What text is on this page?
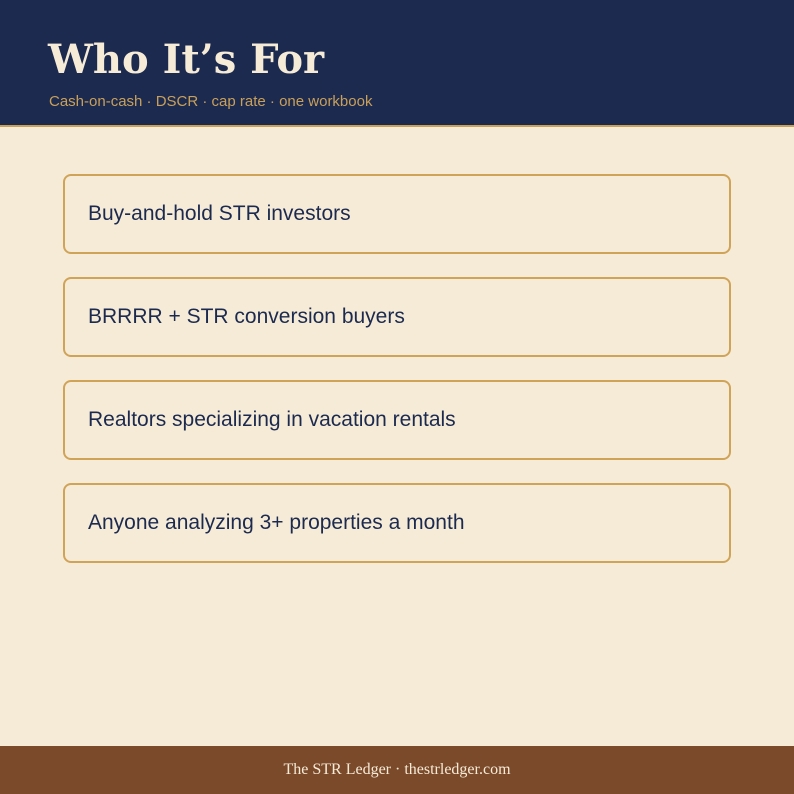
Who It’s For

Cash-on-cash · DSCR · cap rate · one workbook

Buy-and-hold STR investors
BRRRR + STR conversion buyers
Realtors specializing in vacation rentals
Anyone analyzing 3+ properties a month
The STR Ledger · thestrledger.com
